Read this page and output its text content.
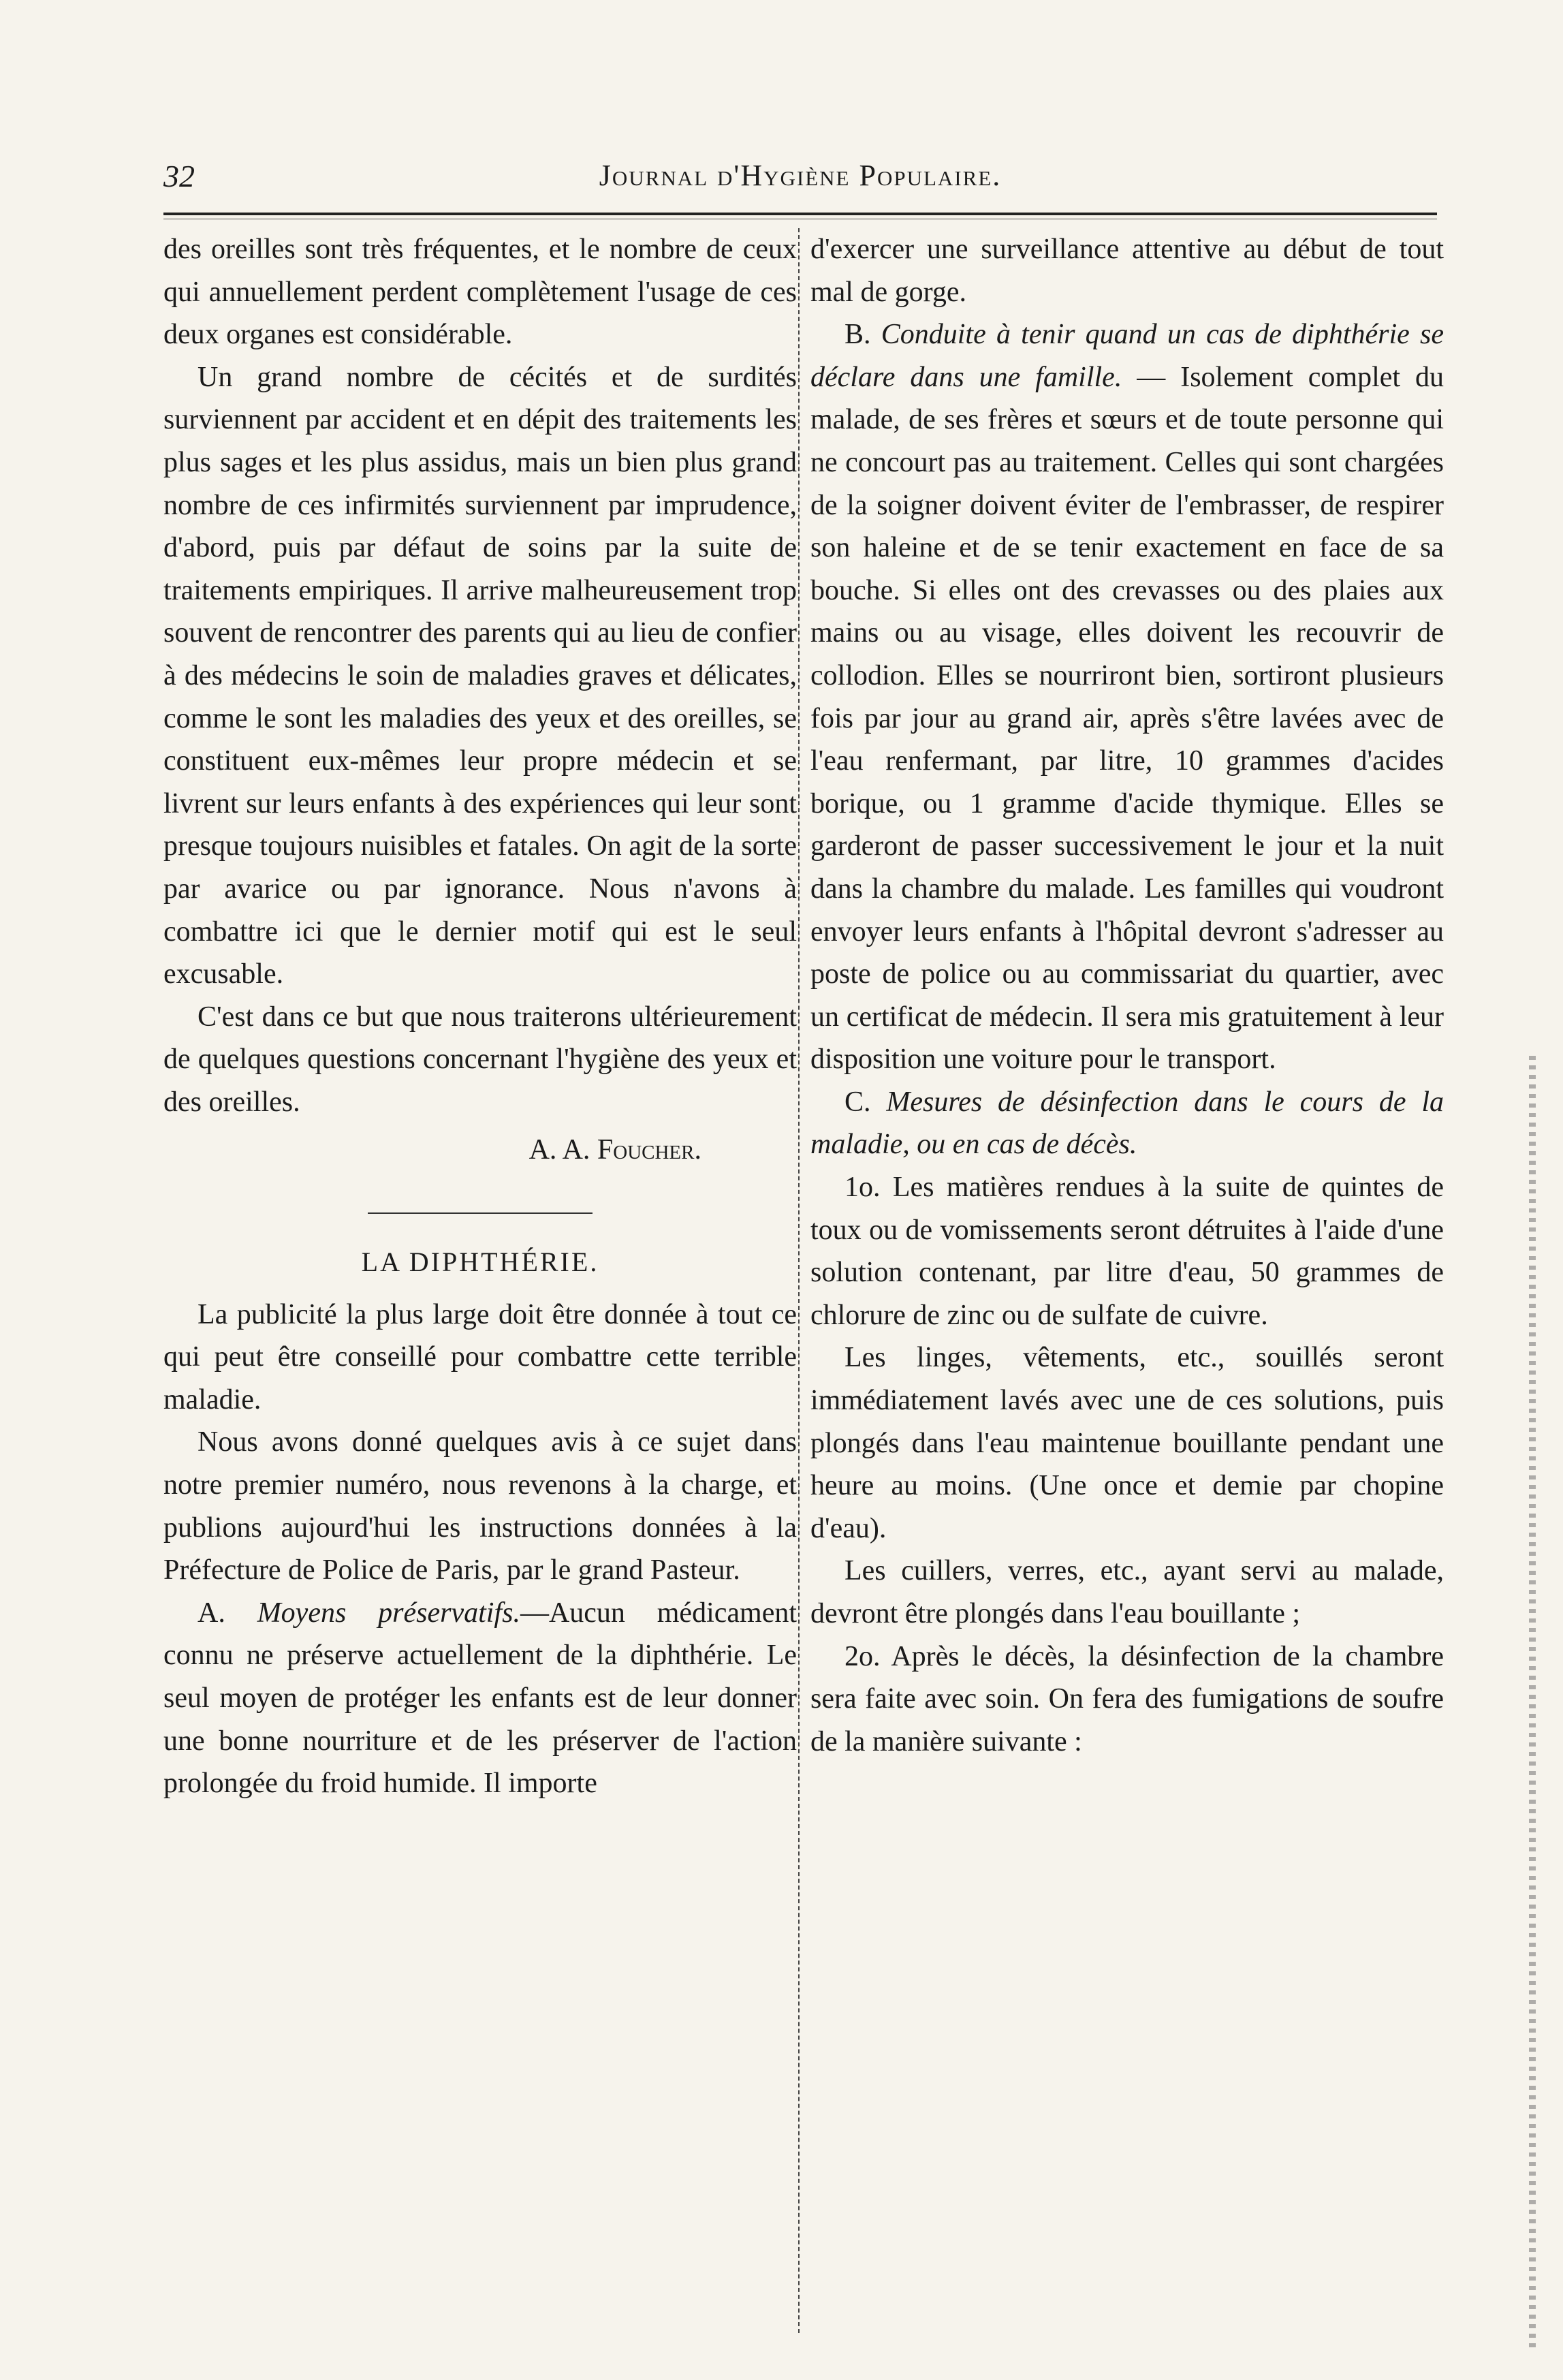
32	Journal d'Hygiène Populaire.

des oreilles sont très fréquentes, et le nombre de ceux qui annuellement perdent complètement l'usage de ces deux organes est considérable.

Un grand nombre de cécités et de surdités surviennent par accident et en dépit des traitements les plus sages et les plus assidus, mais un bien plus grand nombre de ces infirmités surviennent par imprudence, d'abord, puis par défaut de soins par la suite de traitements empiriques. Il arrive malheureusement trop souvent de rencontrer des parents qui au lieu de confier à des médecins le soin de maladies graves et délicates, comme le sont les maladies des yeux et des oreilles, se constituent eux-mêmes leur propre médecin et se livrent sur leurs enfants à des expériences qui leur sont presque toujours nuisibles et fatales. On agit de la sorte par avarice ou par ignorance. Nous n'avons à combattre ici que le dernier motif qui est le seul excusable.

C'est dans ce but que nous traiterons ultérieurement de quelques questions concernant l'hygiène des yeux et des oreilles.

A. A. Foucher.

LA DIPHTHÉRIE.

La publicité la plus large doit être donnée à tout ce qui peut être conseillé pour combattre cette terrible maladie.

Nous avons donné quelques avis à ce sujet dans notre premier numéro, nous revenons à la charge, et publions aujourd'hui les instructions données à la Préfecture de Police de Paris, par le grand Pasteur.

A. Moyens préservatifs.—Aucun médicament connu ne préserve actuellement de la diphthérie. Le seul moyen de protéger les enfants est de leur donner une bonne nourriture et de les préserver de l'action prolongée du froid humide. Il importe

d'exercer une surveillance attentive au début de tout mal de gorge.

B. Conduite à tenir quand un cas de diphthérie se déclare dans une famille. — Isolement complet du malade, de ses frères et sœurs et de toute personne qui ne concourt pas au traitement. Celles qui sont chargées de la soigner doivent éviter de l'embrasser, de respirer son haleine et de se tenir exactement en face de sa bouche. Si elles ont des crevasses ou des plaies aux mains ou au visage, elles doivent les recouvrir de collodion. Elles se nourriront bien, sortiront plusieurs fois par jour au grand air, après s'être lavées avec de l'eau renfermant, par litre, 10 grammes d'acides borique, ou 1 gramme d'acide thymique. Elles se garderont de passer successivement le jour et la nuit dans la chambre du malade. Les familles qui voudront envoyer leurs enfants à l'hôpital devront s'adresser au poste de police ou au commissariat du quartier, avec un certificat de médecin. Il sera mis gratuitement à leur disposition une voiture pour le transport.

C. Mesures de désinfection dans le cours de la maladie, ou en cas de décès.

1o. Les matières rendues à la suite de quintes de toux ou de vomissements seront détruites à l'aide d'une solution contenant, par litre d'eau, 50 grammes de chlorure de zinc ou de sulfate de cuivre.

Les linges, vêtements, etc., souillés seront immédiatement lavés avec une de ces solutions, puis plongés dans l'eau maintenue bouillante pendant une heure au moins. (Une once et demie par chopine d'eau).

Les cuillers, verres, etc., ayant servi au malade, devront être plongés dans l'eau bouillante ;

2o. Après le décès, la désinfection de la chambre sera faite avec soin. On fera des fumigations de soufre de la manière suivante :
